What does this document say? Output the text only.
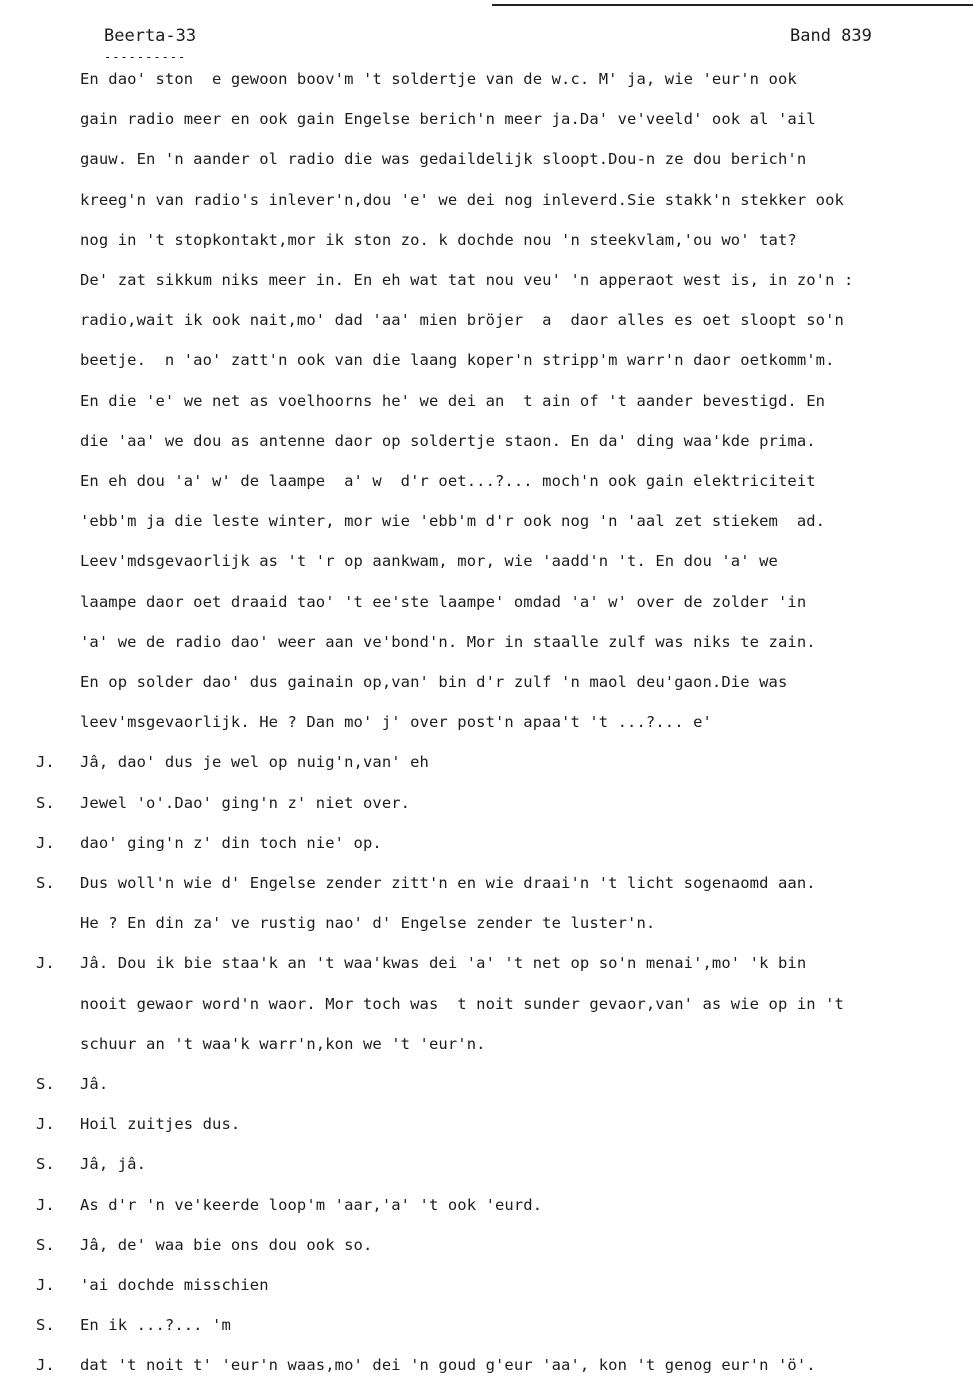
Beerta-33
----------
Band 839
En dao' ston  e gewoon boov'm 't soldertje van de w.c. M' ja, wie 'eur'n ook
gain radio meer en ook gain Engelse berich'n meer ja.Da' ve'veeld' ook al 'ail
gauw. En 'n aander ol radio die was gedaildelijk sloopt.Dou-n ze dou berich'n
kreeg'n van radio's inlever'n,dou 'e' we dei nog inleverd.Sie stakk'n stekker ook
nog in 't stopkontakt,mor ik ston zo. k dochde nou 'n steekvlam,'ou wo' tat?
De' zat sikkum niks meer in. En eh wat tat nou veu' 'n apperaot west is, in zo'n :
radio,wait ik ook nait,mo' dad 'aa' mien bröjer  a  daor alles es oet sloopt so'n
beetje.  n 'ao' zatt'n ook van die laang koper'n stripp'm warr'n daor oetkomm'm.
En die 'e' we net as voelhoorns he' we dei an  t ain of 't aander bevestigd. En
die 'aa' we dou as antenne daor op soldertje staon. En da' ding waa'kde prima.
En eh dou 'a' w' de laampe  a' w  d'r oet...?... moch'n ook gain elektriciteit
'ebb'm ja die leste winter, mor wie 'ebb'm d'r ook nog 'n 'aal zet stiekem  ad.
Leev'mdsgevaorlijk as 't 'r op aankwam, mor, wie 'aadd'n 't. En dou 'a' we
laampe daor oet draaid tao' 't ee'ste laampe' omdad 'a' w' over de zolder 'in
'a' we de radio dao' weer aan ve'bond'n. Mor in staalle zulf was niks te zain.
En op solder dao' dus gainain op,van' bin d'r zulf 'n maol deu'gaon.Die was
leev'msgevaorlijk. He ? Dan mo' j' over post'n apaa't 't ...?... e'
J. Jâ, dao' dus je wel op nuig'n,van' eh
S. Jewel 'o'.Dao' ging'n z' niet over.
J. dao' ging'n z' din toch nie' op.
S. Dus woll'n wie d' Engelse zender zitt'n en wie draai'n 't licht sogenaomd aan.
He ? En din za' ve rustig nao' d' Engelse zender te luster'n.
J. Jâ. Dou ik bie staa'k an 't waa'kwas dei 'a' 't net op so'n menai',mo' 'k bin
nooit gewaor word'n waor. Mor toch was  t noit sunder gevaor,van' as wie op in 't
schuur an 't waa'k warr'n,kon we 't 'eur'n.
S. Jâ.
J. Hoil zuitjes dus.
S. Jâ, jâ.
J. As d'r 'n ve'keerde loop'm 'aar,'a' 't ook 'eurd.
S. Jâ, de' waa bie ons dou ook so.
J. 'ai dochde misschien
S. En ik ...?... 'm
J. dat 't noit t' 'eur'n waas,mo' dei 'n goud g'eur 'aa', kon 't genog eur'n 'ö'.
